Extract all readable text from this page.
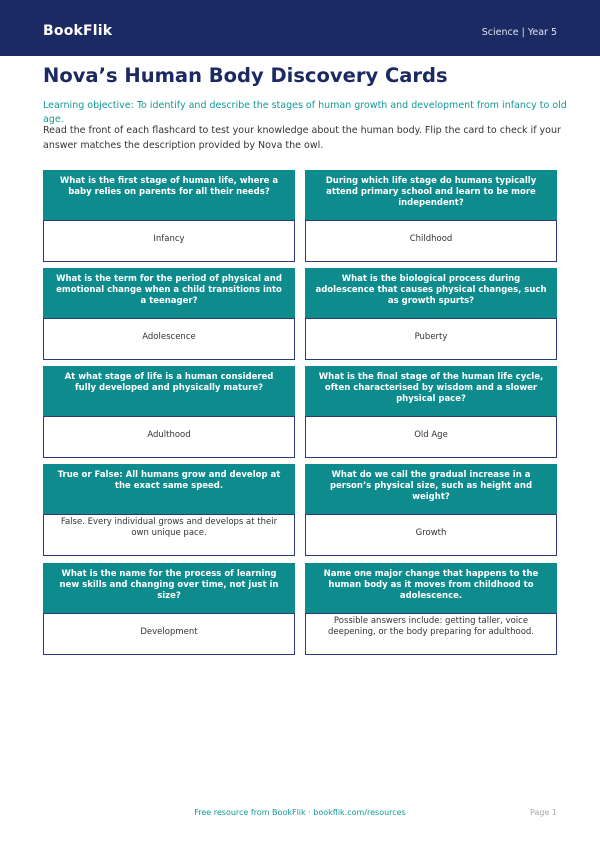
BookFlik	Science | Year 5
Nova’s Human Body Discovery Cards
Learning objective: To identify and describe the stages of human growth and development from infancy to old age.
Read the front of each flashcard to test your knowledge about the human body. Flip the card to check if your answer matches the description provided by Nova the owl.
What is the first stage of human life, where a baby relies on parents for all their needs?
Infancy
During which life stage do humans typically attend primary school and learn to be more independent?
Childhood
What is the term for the period of physical and emotional change when a child transitions into a teenager?
Adolescence
What is the biological process during adolescence that causes physical changes, such as growth spurts?
Puberty
At what stage of life is a human considered fully developed and physically mature?
Adulthood
What is the final stage of the human life cycle, often characterised by wisdom and a slower physical pace?
Old Age
True or False: All humans grow and develop at the exact same speed.
False. Every individual grows and develops at their own unique pace.
What do we call the gradual increase in a person’s physical size, such as height and weight?
Growth
What is the name for the process of learning new skills and changing over time, not just in size?
Development
Name one major change that happens to the human body as it moves from childhood to adolescence.
Possible answers include: getting taller, voice deepening, or the body preparing for adulthood.
Free resource from BookFlik · bookflik.com/resources	Page 1
